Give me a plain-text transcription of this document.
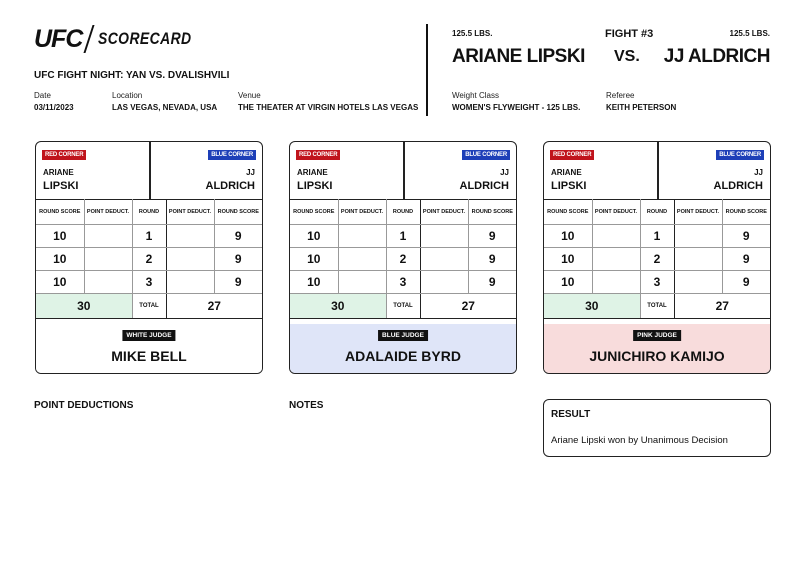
UFC SCORECARD
UFC FIGHT NIGHT: YAN VS. DVALISHVILI
Date
03/11/2023
Location
LAS VEGAS, NEVADA, USA
Venue
THE THEATER AT VIRGIN HOTELS LAS VEGAS
125.5 LBS.	FIGHT #3	125.5 LBS.
ARIANE LIPSKI VS. JJ ALDRICH
Weight Class
WOMEN'S FLYWEIGHT - 125 LBS.
Referee
KEITH PETERSON
RED CORNER	BLUE CORNER
ARIANE
LIPSKI
JJ
ALDRICH
ROUND SCORE	POINT DEDUCT.	ROUND	POINT DEDUCT.	ROUND SCORE
10		1		9
10		2		9
10		3		9
30		TOTAL	27	
WHITE JUDGE
MIKE BELL
RED CORNER	BLUE CORNER
ARIANE
LIPSKI
JJ
ALDRICH
ROUND SCORE	POINT DEDUCT.	ROUND	POINT DEDUCT.	ROUND SCORE
10		1		9
10		2		9
10		3		9
30		TOTAL	27	
BLUE JUDGE
ADALAIDE BYRD
RED CORNER	BLUE CORNER
ARIANE
LIPSKI
JJ
ALDRICH
ROUND SCORE	POINT DEDUCT.	ROUND	POINT DEDUCT.	ROUND SCORE
10		1		9
10		2		9
10		3		9
30		TOTAL	27	
PINK JUDGE
JUNICHIRO KAMIJO
POINT DEDUCTIONS	NOTES
RESULT
Ariane Lipski won by Unanimous Decision
